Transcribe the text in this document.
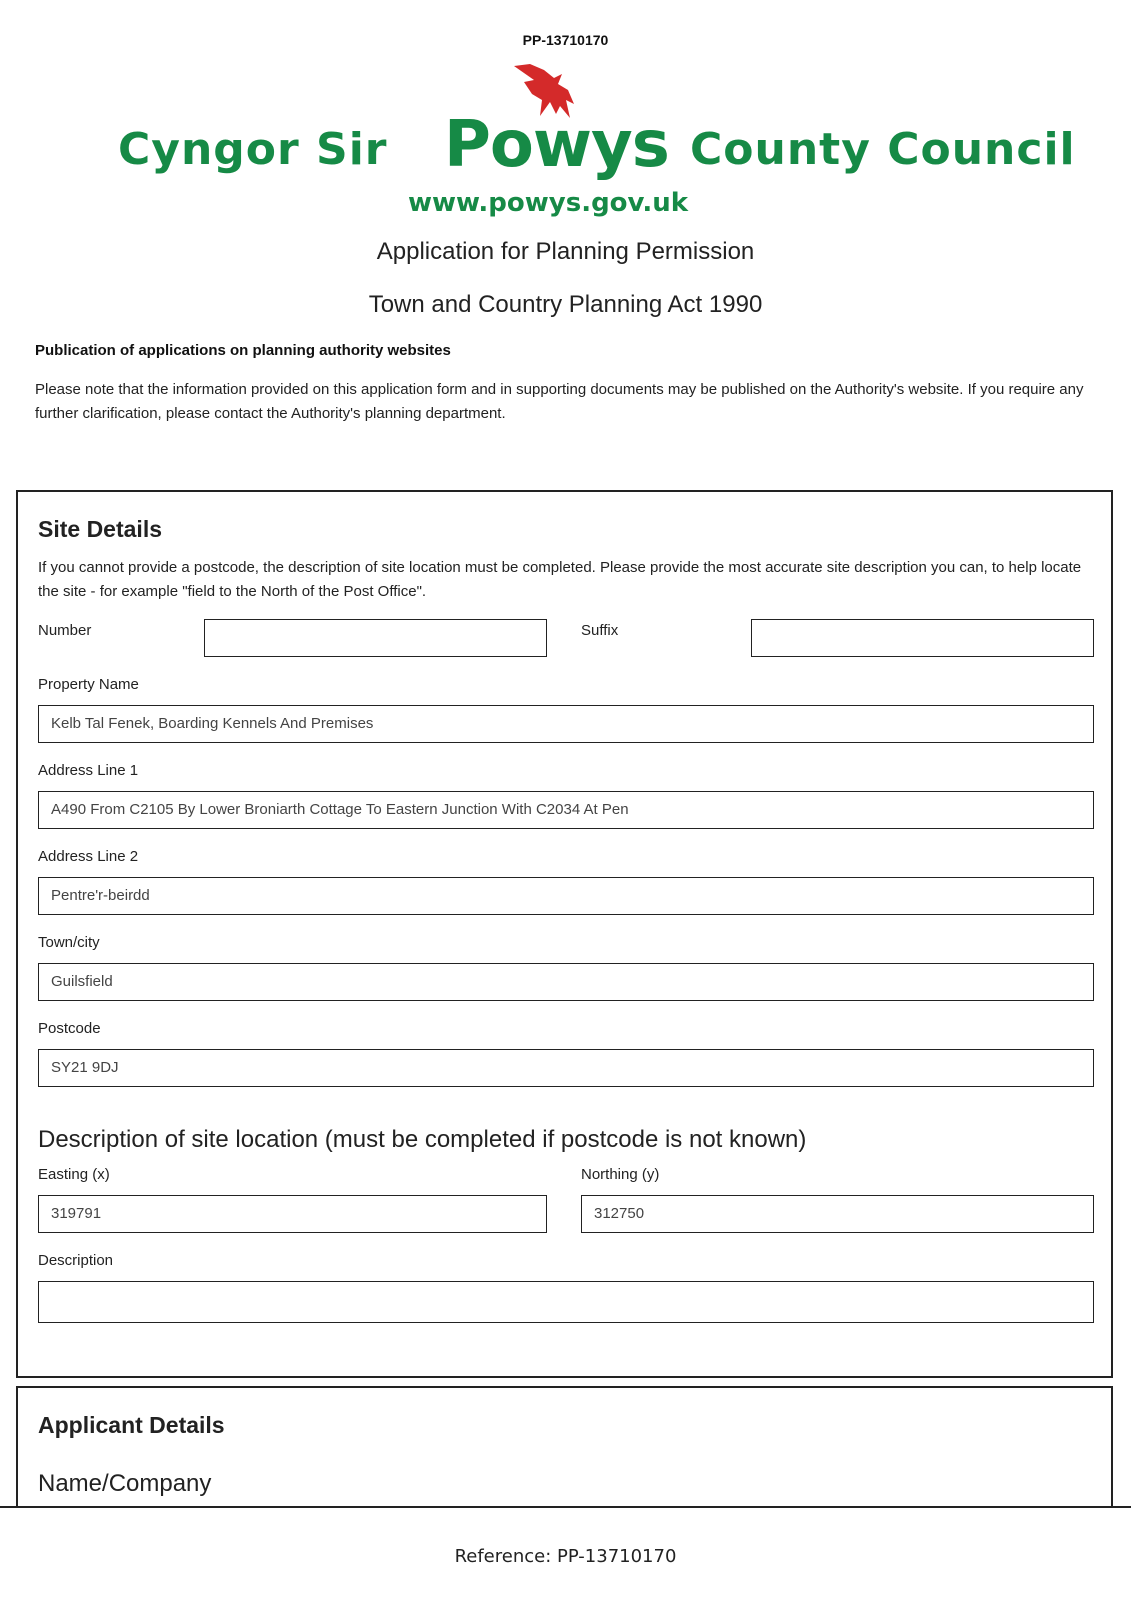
PP-13710170
Cyngor Sir Powys County Council
www.powys.gov.uk
Application for Planning Permission
Town and Country Planning Act 1990
Publication of applications on planning authority websites
Please note that the information provided on this application form and in supporting documents may be published on the Authority's website. If you require any further clarification, please contact the Authority's planning department.
Site Details
If you cannot provide a postcode, the description of site location must be completed. Please provide the most accurate site description you can, to help locate the site - for example "field to the North of the Post Office".
Number	Suffix
Property Name
Kelb Tal Fenek, Boarding Kennels And Premises
Address Line 1
A490 From C2105 By Lower Broniarth Cottage To Eastern Junction With C2034 At Pen
Address Line 2
Pentre'r-beirdd
Town/city
Guilsfield
Postcode
SY21 9DJ
Description of site location (must be completed if postcode is not known)
Easting (x)
319791
Northing (y)
312750
Description
Applicant Details
Name/Company
Reference: PP-13710170
